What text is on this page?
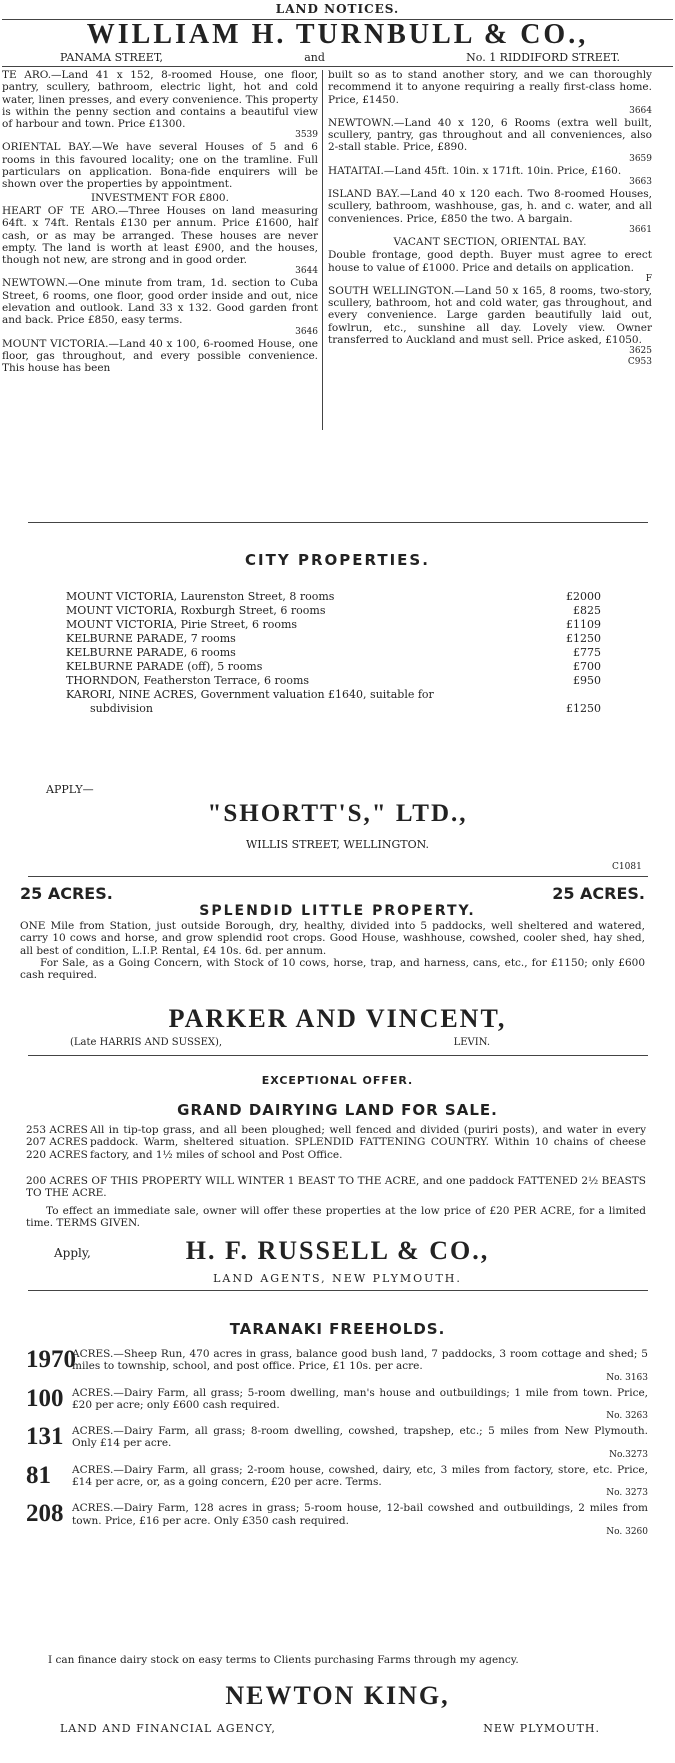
LAND NOTICES.
WILLIAM H. TURNBULL & CO.,
PANAMA STREET,	and	No. 1 RIDDIFORD STREET.

TE ARO.—Land 41 x 152, 8-roomed House, one floor, pantry, scullery, bathroom, electric light, hot and cold water, linen presses, and every convenience. This property is within the penny section and contains a beautiful view of harbour and town. Price £1300.
3539

ORIENTAL BAY.—We have several Houses of 5 and 6 rooms in this favoured locality; one on the tramline. Full particulars on application. Bona-fide enquirers will be shown over the properties by appointment.

INVESTMENT FOR £800.

HEART OF TE ARO.—Three Houses on land measuring 64ft. x 74ft. Rentals £130 per annum. Price £1600, half cash, or as may be arranged. These houses are never empty. The land is worth at least £900, and the houses, though not new, are strong and in good order.
3644

NEWTOWN.—One minute from tram, 1d. section to Cuba Street, 6 rooms, one floor, good order inside and out, nice elevation and outlook. Land 33 x 132. Good garden front and back. Price £850, easy terms.
3646

MOUNT VICTORIA.—Land 40 x 100, 6-roomed House, one floor, gas throughout, and every possible convenience. This house has been

built so as to stand another story, and we can thoroughly recommend it to anyone requiring a really first-class home. Price, £1450.
3664

NEWTOWN.—Land 40 x 120, 6 Rooms (extra well built, scullery, pantry, gas throughout and all conveniences, also 2-stall stable. Price, £890.
3659

HATAITAI.—Land 45ft. 10in. x 171ft. 10in. Price, £160.
3663

ISLAND BAY.—Land 40 x 120 each. Two 8-roomed Houses, scullery, bathroom, washhouse, gas, h. and c. water, and all conveniences. Price, £850 the two. A bargain.
3661

VACANT SECTION, ORIENTAL BAY.

Double frontage, good depth. Buyer must agree to erect house to value of £1000. Price and details on application.
F

SOUTH WELLINGTON.—Land 50 x 165, 8 rooms, two-story, scullery, bathroom, hot and cold water, gas throughout, and every convenience. Large garden beautifully laid out, fowlrun, etc., sunshine all day. Lovely view. Owner transferred to Auckland and must sell. Price asked, £1050.
3625

C953

CITY PROPERTIES.
MOUNT VICTORIA, Laurenston Street, 8 rooms	£2000
MOUNT VICTORIA, Roxburgh Street, 6 rooms	£825
MOUNT VICTORIA, Pirie Street, 6 rooms	£1109
KELBURNE PARADE, 7 rooms	£1250
KELBURNE PARADE, 6 rooms	£775
KELBURNE PARADE (off), 5 rooms	£700
THORNDON, Featherston Terrace, 6 rooms	£950
KARORI, NINE ACRES, Government valuation £1640, suitable for
subdivision	£1250
APPLY—
"SHORTT'S," LTD.,
WILLIS STREET, WELLINGTON.
C1081
25 ACRES.	25 ACRES.
SPLENDID LITTLE PROPERTY.

ONE Mile from Station, just outside Borough, dry, healthy, divided into 5 paddocks, well sheltered and watered, carry 10 cows and horse, and grow splendid root crops. Good House, washhouse, cowshed, cooler shed, hay shed, all best of condition, L.I.P. Rental, £4 10s. 6d. per annum.

For Sale, as a Going Concern, with Stock of 10 cows, horse, trap, and harness, cans, etc., for £1150; only £600 cash required.

PARKER AND VINCENT,
(Late HARRIS AND SUSSEX),	LEVIN.
EXCEPTIONAL OFFER.
GRAND DAIRYING LAND FOR SALE.
253 ACRES
207 ACRES
220 ACRES
All in tip-top grass, and all been ploughed; well fenced and divided (puriri posts), and water in every paddock. Warm, sheltered situation. SPLENDID FATTENING COUNTRY. Within 10 chains of cheese factory, and 1½ miles of school and Post Office.
200 ACRES OF THIS PROPERTY WILL WINTER 1 BEAST TO THE ACRE, and one paddock FATTENED 2½ BEASTS TO THE ACRE.
To effect an immediate sale, owner will offer these properties at the low price of £20 PER ACRE, for a limited time. TERMS GIVEN.
Apply,	H. F. RUSSELL & CO.,
LAND AGENTS, NEW PLYMOUTH.
TARANAKI FREEHOLDS.
1970
ACRES.—Sheep Run, 470 acres in grass, balance good bush land, 7 paddocks, 3 room cottage and shed; 5 miles to township, school, and post office. Price, £1 10s. per acre.
No. 3163
100 ACRES.—Dairy Farm, all grass; 5-room dwelling, man's house and outbuildings; 1 mile from town. Price, £20 per acre; only £600 cash required.
No. 3263
131 ACRES.—Dairy Farm, all grass; 8-room dwelling, cowshed, trapshep, etc.; 5 miles from New Plymouth. Only £14 per acre.
No.3273
81	ACRES.—Dairy Farm, all grass; 2-room house, cowshed, dairy, etc, 3 miles from factory, store, etc. Price, £14 per acre, or, as a going concern, £20 per acre. Terms.
No. 3273
208 ACRES.—Dairy Farm, 128 acres in grass; 5-room house, 12-bail cowshed and outbuildings, 2 miles from town. Price, £16 per acre. Only £350 cash required.
No. 3260
I can finance dairy stock on easy terms to Clients purchasing Farms through my agency.
NEWTON KING,
LAND AND FINANCIAL AGENCY,	NEW PLYMOUTH.
